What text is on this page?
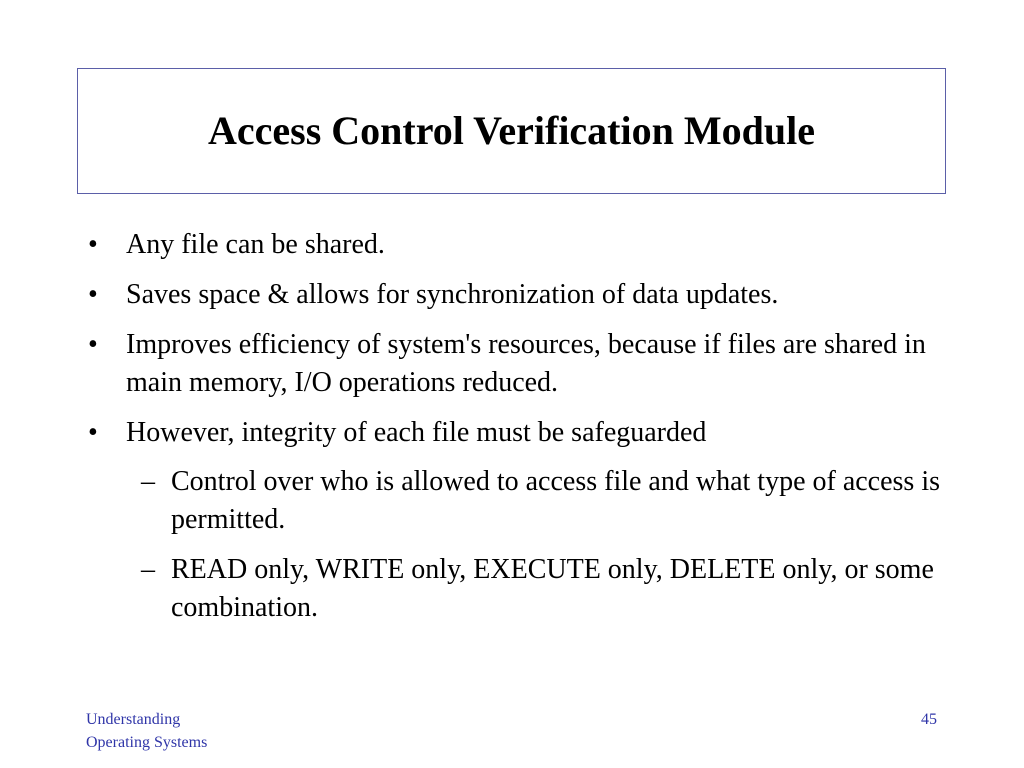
Access Control Verification Module
• Any file can be shared.
• Saves space & allows for synchronization of data updates.
• Improves efficiency of system's resources, because if files are shared in main memory, I/O operations reduced.
• However, integrity of each file must be safeguarded
– Control over who is allowed to access file and what type of access is permitted.
– READ only, WRITE only, EXECUTE only, DELETE only, or some combination.
Understanding
Operating Systems
45
